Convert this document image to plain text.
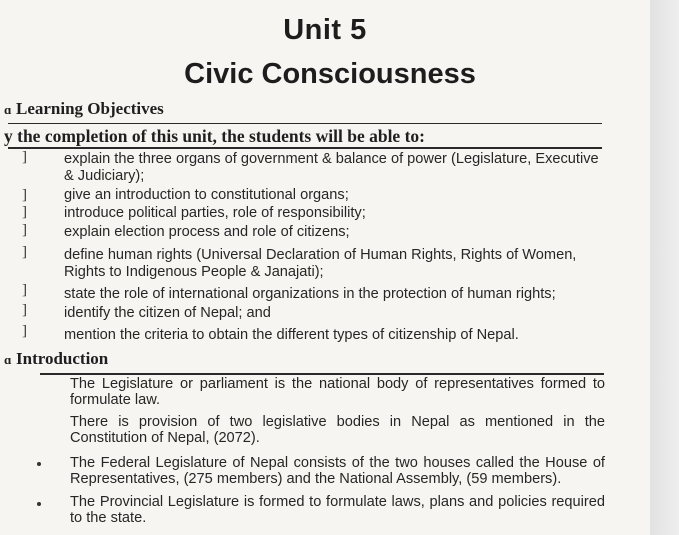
Unit 5
Civic Consciousness
ɑ Learning Objectives
y the completion of this unit, the students will be able to:
]	explain the three organs of government & balance of power (Legislature, Executive & Judiciary);
]	give an introduction to constitutional organs;
]	introduce political parties, role of responsibility;
]	explain election process and role of citizens;
]	define human rights (Universal Declaration of Human Rights, Rights of Women, Rights to Indigenous People & Janajati);
]	state the role of international organizations in the protection of human rights;
]	identify the citizen of Nepal; and
]	mention the criteria to obtain the different types of citizenship of Nepal.
ɑ Introduction
The Legislature or parliament is the national body of representatives formed to formulate law.
There is provision of two legislative bodies in Nepal as mentioned in the Constitution of Nepal, (2072).
The Federal Legislature of Nepal consists of the two houses called the House of Representatives, (275 members) and the National Assembly, (59 members).
The Provincial Legislature is formed to formulate laws, plans and policies required to the state.
